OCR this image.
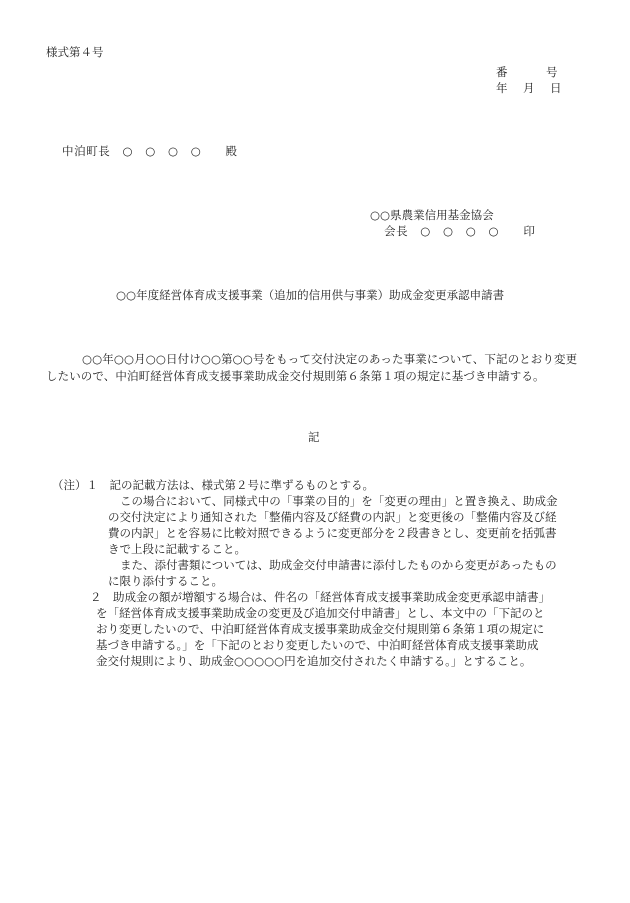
様式第４号

番　　　号

年　月　日

中泊町長　○　○　○　○　　殿

○○県農業信用基金協会

会長　○　○　○　○　　印

○○年度経営体育成支援事業（追加的信用供与事業）助成金変更承認申請書

○○年○○月○○日付け○○第○○号をもって交付決定のあった事業について、下記のとおり変更したいので、中泊町経営体育成支援事業助成金交付規則第６条第１項の規定に基づき申請する。

記

（注）１　記の記載方法は、様式第２号に準ずるものとする。

この場合において、同様式中の「事業の目的」を「変更の理由」と置き換え、助成金

の交付決定により通知された「整備内容及び経費の内訳」と変更後の「整備内容及び経

費の内訳」とを容易に比較対照できるように変更部分を２段書きとし、変更前を括弧書

きで上段に記載すること。

また、添付書類については、助成金交付申請書に添付したものから変更があったもの

に限り添付すること。

２　助成金の額が増額する場合は、件名の「経営体育成支援事業助成金変更承認申請書」

を「経営体育成支援事業助成金の変更及び追加交付申請書」とし、本文中の「下記のと

おり変更したいので、中泊町経営体育成支援事業助成金交付規則第６条第１項の規定に

基づき申請する。」を「下記のとおり変更したいので、中泊町経営体育成支援事業助成

金交付規則により、助成金○○○○○円を追加交付されたく申請する。」とすること。
